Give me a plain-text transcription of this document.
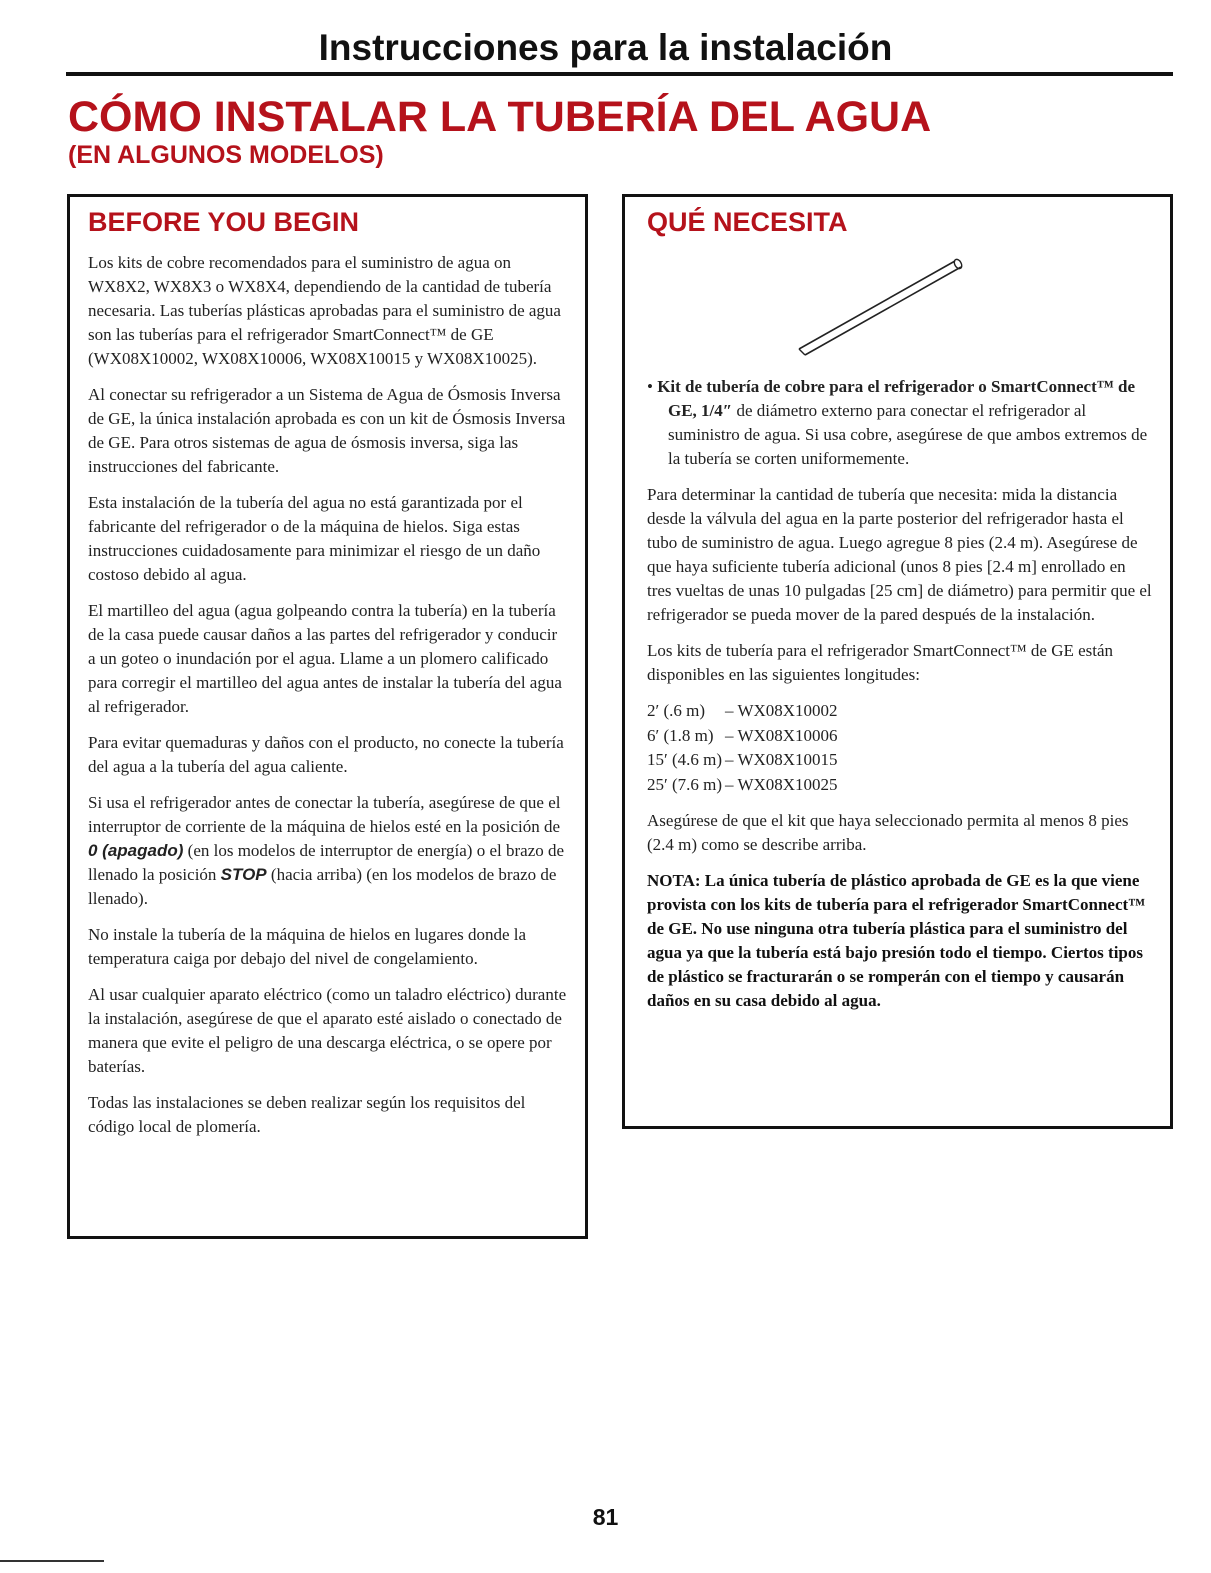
Instrucciones para la instalación
CÓMO INSTALAR LA TUBERÍA DEL AGUA
(EN ALGUNOS MODELOS)
BEFORE YOU BEGIN

Los kits de cobre recomendados para el suministro de agua on WX8X2, WX8X3 o WX8X4, dependiendo de la cantidad de tubería necesaria. Las tuberías plásticas aprobadas para el suministro de agua son las tuberías para el refrigerador SmartConnect™ de GE (WX08X10002, WX08X10006, WX08X10015 y WX08X10025).

Al conectar su refrigerador a un Sistema de Agua de Ósmosis Inversa de GE, la única instalación aprobada es con un kit de Ósmosis Inversa de GE. Para otros sistemas de agua de ósmosis inversa, siga las instrucciones del fabricante.

Esta instalación de la tubería del agua no está garantizada por el fabricante del refrigerador o de la máquina de hielos. Siga estas instrucciones cuidadosamente para minimizar el riesgo de un daño costoso debido al agua.

El martilleo del agua (agua golpeando contra la tubería) en la tubería de la casa puede causar daños a las partes del refrigerador y conducir a un goteo o inundación por el agua. Llame a un plomero calificado para corregir el martilleo del agua antes de instalar la tubería del agua al refrigerador.

Para evitar quemaduras y daños con el producto, no conecte la tubería del agua a la tubería del agua caliente.

Si usa el refrigerador antes de conectar la tubería, asegúrese de que el interruptor de corriente de la máquina de hielos esté en la posición de 0 (apagado) (en los modelos de interruptor de energía) o el brazo de llenado la posición STOP (hacia arriba) (en los modelos de brazo de llenado).

No instale la tubería de la máquina de hielos en lugares donde la temperatura caiga por debajo del nivel de congelamiento.

Al usar cualquier aparato eléctrico (como un taladro eléctrico) durante la instalación, asegúrese de que el aparato esté aislado o conectado de manera que evite el peligro de una descarga eléctrica, o se opere por baterías.

Todas las instalaciones se deben realizar según los requisitos del código local de plomería.

QUÉ NECESITA

• Kit de tubería de cobre para el refrigerador o SmartConnect™ de GE, 1/4″ de diámetro externo para conectar el refrigerador al suministro de agua. Si usa cobre, asegúrese de que ambos extremos de la tubería se corten uniformemente.

Para determinar la cantidad de tubería que necesita: mida la distancia desde la válvula del agua en la parte posterior del refrigerador hasta el tubo de suministro de agua. Luego agregue 8 pies (2.4 m). Asegúrese de que haya suficiente tubería adicional (unos 8 pies [2.4 m] enrollado en tres vueltas de unas 10 pulgadas [25 cm] de diámetro) para permitir que el refrigerador se pueda mover de la pared después de la instalación.

Los kits de tubería para el refrigerador SmartConnect™ de GE están disponibles en las siguientes longitudes:

2′ (.6 m) – WX08X10002
6′ (1.8 m) – WX08X10006
15′ (4.6 m) – WX08X10015
25′ (7.6 m) – WX08X10025

Asegúrese de que el kit que haya seleccionado permita al menos 8 pies (2.4 m) como se describe arriba.

NOTA: La única tubería de plástico aprobada de GE es la que viene provista con los kits de tubería para el refrigerador SmartConnect™ de GE. No use ninguna otra tubería plástica para el suministro del agua ya que la tubería está bajo presión todo el tiempo. Ciertos tipos de plástico se fracturarán o se romperán con el tiempo y causarán daños en su casa debido al agua.

81
